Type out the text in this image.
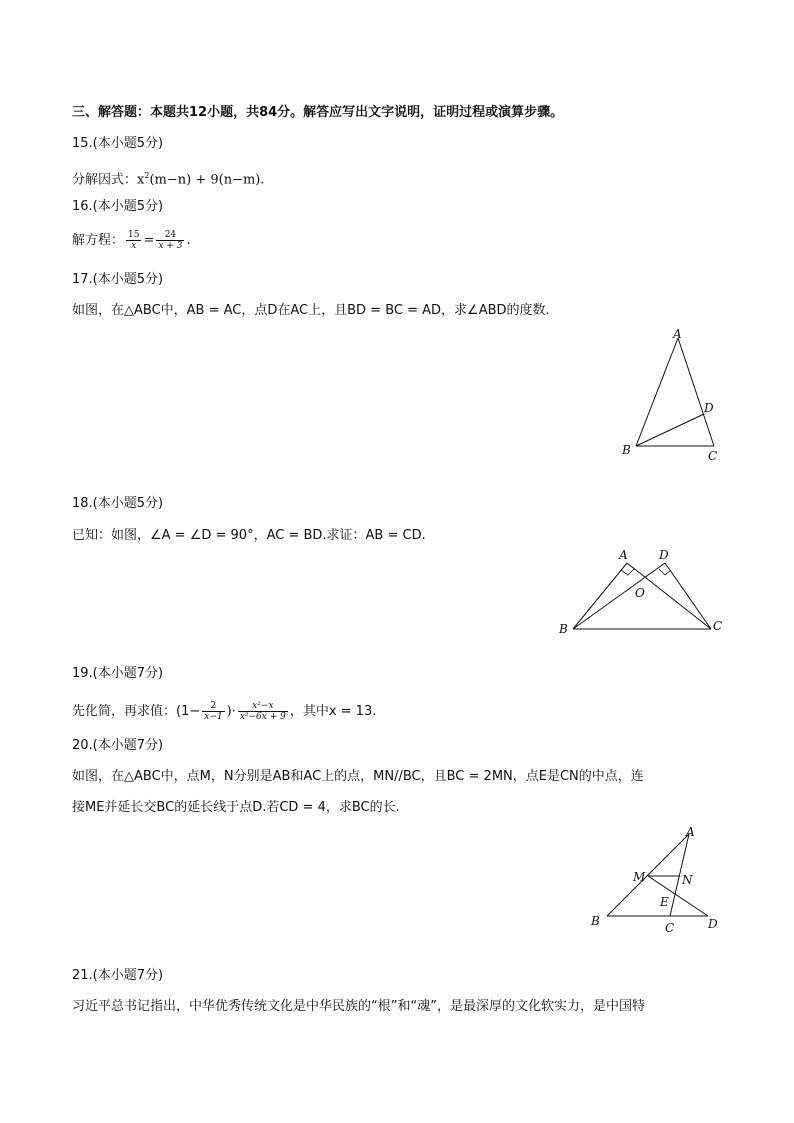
三、解答题：本题共12小题，共84分。解答应写出文字说明，证明过程或演算步骤。
15.(本小题5分)
分解因式：$x^2(m-n) + 9(n-m)$.
16.(本小题5分)
解方程： $\frac{15}{x} = \frac{24}{x + 3}$ .
17.(本小题5分)
如图，在△ABC中，AB = AC，点D在AC上，且BD = BC = AD，求∠ABD的度数.
A
B	C
D
18.(本小题5分)
已知：如图，∠A = ∠D = 90°，AC = BD.求证：AB = CD.
A	D
B	C
O
19.(本小题7分)
先化简，再求值：($1- \frac{2}{x-1}$ )· $\frac{\text{x²−x}}{\text{x²−6x + 9}}$ ，其中x = 13.
20.(本小题7分)
如图，在△ABC中，点M，N分别是AB和AC上的点，MN//BC，且BC = 2MN，点E是CN的中点，连
接ME并延长交BC的延长线于点D.若CD = 4，求BC的长.
A
M	N
E
B	C	D
21.(本小题7分)
习近平总书记指出，中华优秀传统文化是中华民族的“根”和“魂”，是最深厚的文化软实力，是中国特
